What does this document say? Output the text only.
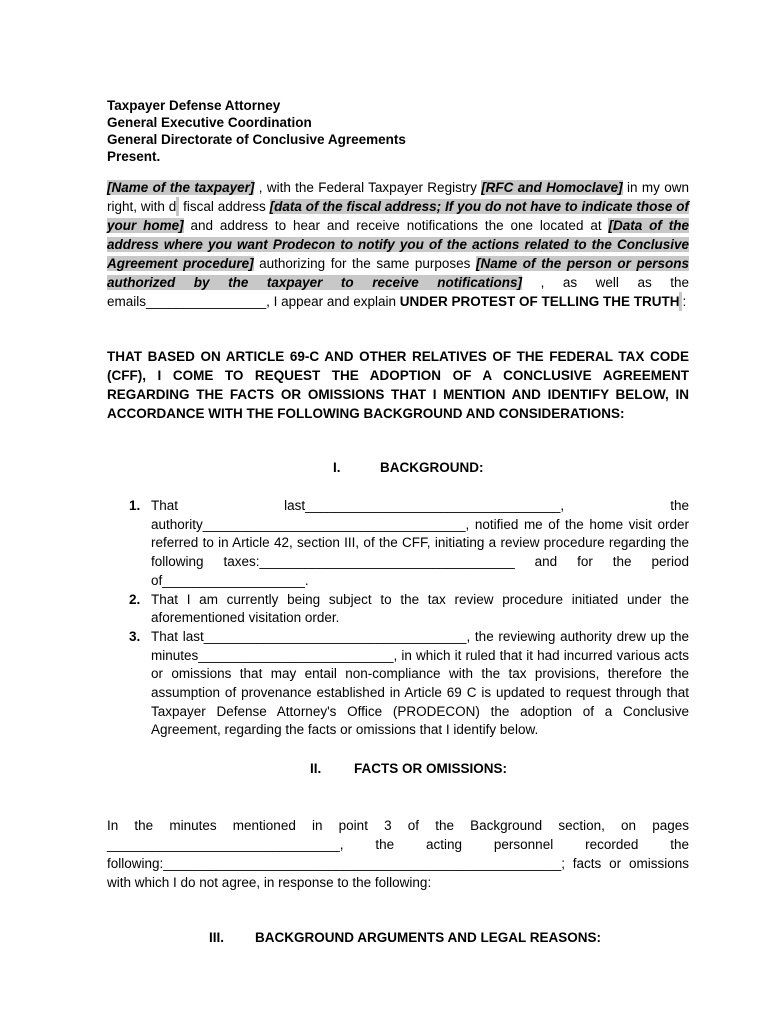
Taxpayer Defense Attorney
General Executive Coordination
General Directorate of Conclusive Agreements
Present.
[Name of the taxpayer] , with the Federal Taxpayer Registry [RFC and Homoclave] in my own right, with d  fiscal address [data of the fiscal address; If you do not have to indicate those of your home] and address to hear and receive notifications the one located at [Data of the address where you want Prodecon to notify you of the actions related to the Conclusive Agreement procedure] authorizing for the same purposes [Name of the person or persons authorized by the taxpayer to receive notifications] , as well as the emails________________, I appear and explain UNDER PROTEST OF TELLING THE TRUTH :
THAT BASED ON ARTICLE 69-C AND OTHER RELATIVES OF THE FEDERAL TAX CODE (CFF), I COME TO REQUEST THE ADOPTION OF A CONCLUSIVE AGREEMENT REGARDING THE FACTS OR OMISSIONS THAT I MENTION AND IDENTIFY BELOW, IN ACCORDANCE WITH THE FOLLOWING BACKGROUND AND CONSIDERATIONS:
I.	BACKGROUND:
1. That last__________________________________, the authority___________________________________, notified me of the home visit order referred to in Article 42, section III, of the CFF, initiating a review procedure regarding the following taxes:__________________________________ and for the period of___________________.
2. That I am currently being subject to the tax review procedure initiated under the aforementioned visitation order.
3. That last___________________________________, the reviewing authority drew up the minutes__________________________, in which it ruled that it had incurred various acts or omissions that may entail non-compliance with the tax provisions, therefore the assumption of provenance established in Article 69 C is updated to request through that Taxpayer Defense Attorney's Office (PRODECON) the adoption of a Conclusive Agreement, regarding the facts or omissions that I identify below.
II. FACTS OR OMISSIONS:
In the minutes mentioned in point 3 of the Background section, on pages _______________________________, the acting personnel recorded the following:_____________________________________________________; facts or omissions with which I do not agree, in response to the following:
III. BACKGROUND ARGUMENTS AND LEGAL REASONS:
